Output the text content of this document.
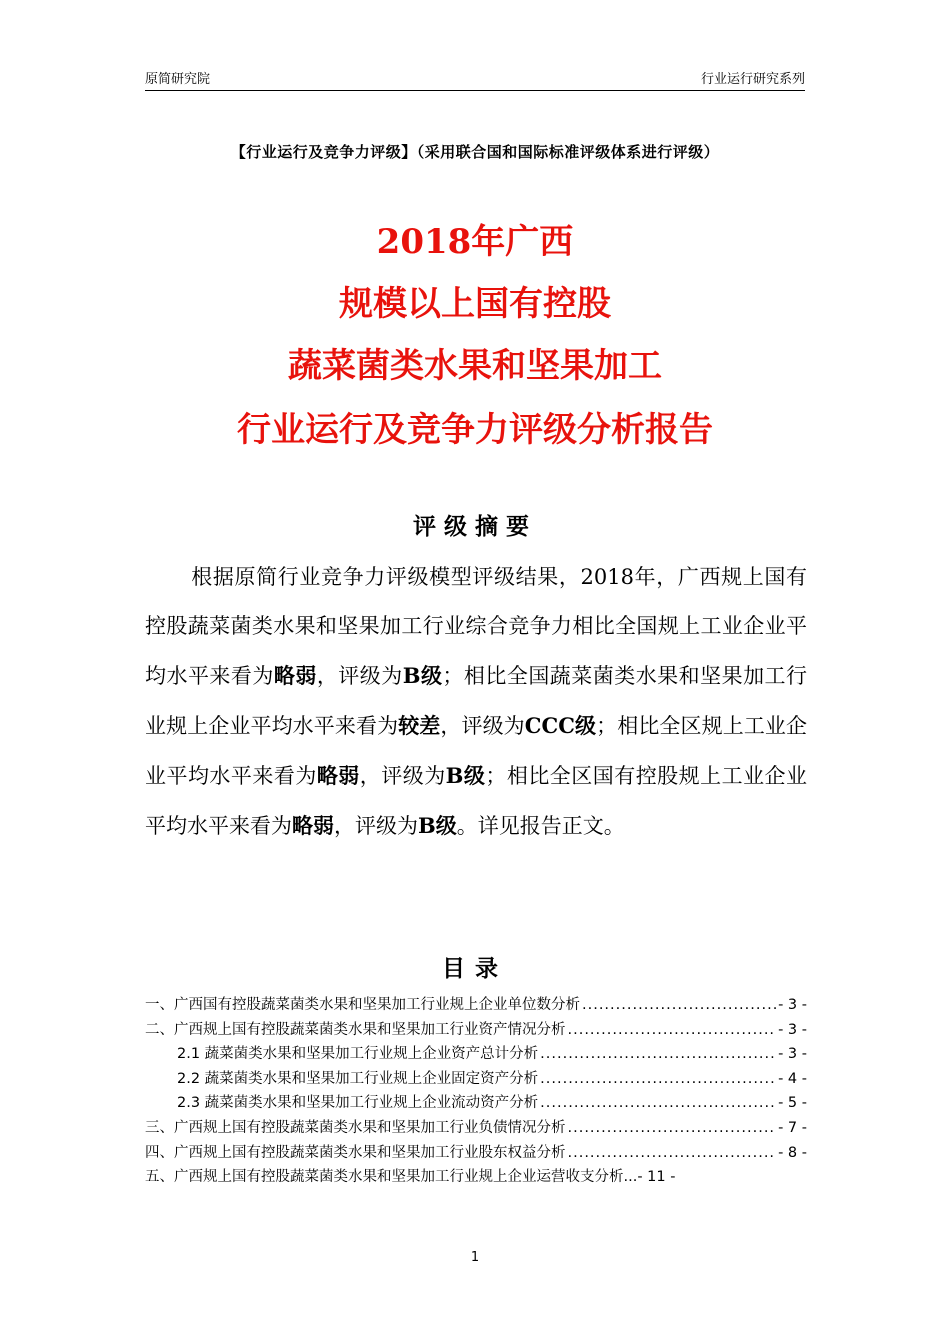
原简研究院	行业运行研究系列
【行业运行及竞争力评级】（采用联合国和国际标准评级体系进行评级）
2018年广西
规模以上国有控股
蔬菜菌类水果和坚果加工
行业运行及竞争力评级分析报告
评级摘要
根据原简行业竞争力评级模型评级结果，2018年，广西规上国有控股蔬菜菌类水果和坚果加工行业综合竞争力相比全国规上工业企业平均水平来看为略弱，评级为B级；相比全国蔬菜菌类水果和坚果加工行业规上企业平均水平来看为较差，评级为CCC级；相比全区规上工业企业平均水平来看为略弱，评级为B级；相比全区国有控股规上工业企业平均水平来看为略弱，评级为B级。详见报告正文。
目录
一、广西国有控股蔬菜菌类水果和坚果加工行业规上企业单位数分析 .....	- 3 -
二、广西规上国有控股蔬菜菌类水果和坚果加工行业资产情况分析 .....	- 3 -
2.1 蔬菜菌类水果和坚果加工行业规上企业资产总计分析 .....	- 3 -
2.2 蔬菜菌类水果和坚果加工行业规上企业固定资产分析 .....	- 4 -
2.3 蔬菜菌类水果和坚果加工行业规上企业流动资产分析 .....	- 5 -
三、广西规上国有控股蔬菜菌类水果和坚果加工行业负债情况分析 .....	- 7 -
四、广西规上国有控股蔬菜菌类水果和坚果加工行业股东权益分析 .....	- 8 -
五、广西规上国有控股蔬菜菌类水果和坚果加工行业规上企业运营收支分析 ... - 11 -
1
